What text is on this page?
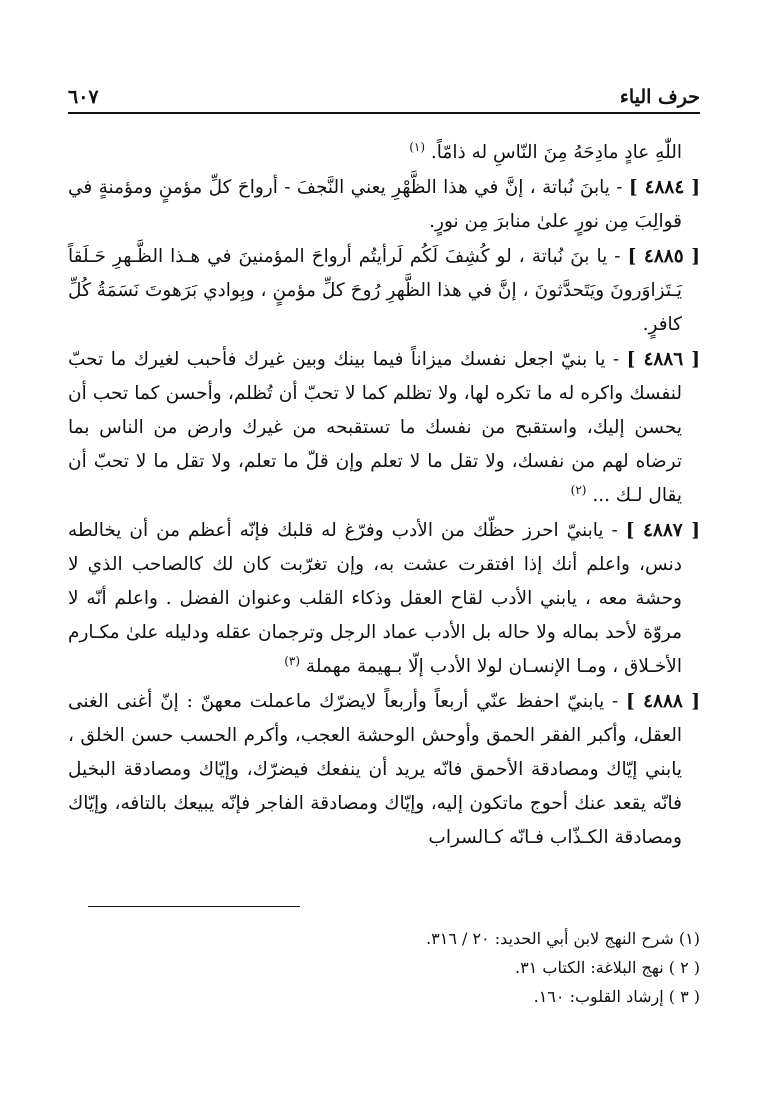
حرف الياء
٦٠٧

اللّٰهِ عادٍ مادِحَهُ مِنَ النّاسِ له ذامّاً. $^{(١)}$

[ ٤٨٨٤ ] - يابنَ نُباتة ، إنَّ في هذا الظَّهْرِ يعني النَّجفَ - أرواحَ كلِّ مؤمنٍ ومؤمنةٍ في قوالِبَ مِن نورٍ علىٰ منابرَ مِن نورٍ.

[ ٤٨٨٥ ] - يا بنَ نُباتة ، لو كُشِفَ لَكُم لَرأيتُم أرواحَ المؤمنينَ في هـذا الظَّـهرِ حَـلَقاً يَـتَزاوَرونَ ويَتَحدَّثونَ ، إنَّ في هذا الظَّهرِ رُوحَ كلِّ مؤمنٍ ، وبِوادي بَرَهوتَ نَسَمَةُ كُلِّ كافرٍ.

[ ٤٨٨٦ ] - يا بنيّ اجعل نفسك ميزاناً فيما بينك وبين غيرك فأحبب لغيرك ما تحبّ لنفسك واكره له ما تكره لها، ولا تظلم كما لا تحبّ أن تُظلم، وأحسن كما تحب أن يحسن إليك، واستقبح من نفسك ما تستقبحه من غيرك وارض من الناس بما ترضاه لهم من نفسك، ولا تقل ما لا تعلم وإن قلّ ما تعلم، ولا تقل ما لا تحبّ أن يقال لـك ... $^{(٢)}$

[ ٤٨٨٧ ] - يابنيّ احرز حظّك من الأدب وفرّغ له قلبك فإنّه أعظم من أن يخالطه دنس، واعلم أنك إذا افتقرت عشت به، وإن تغرّبت كان لك كالصاحب الذي لا وحشة معه ، يابني الأدب لقاح العقل وذكاء القلب وعنوان الفضل . واعلم أنّه لا مروّة لأحد بماله ولا حاله بل الأدب عماد الرجل وترجمان عقله ودليله علىٰ مكـارم الأخـلاق ، ومـا الإنسـان لولا الأدب إلّا بـهيمة مهملة $^{(٣)}$

[ ٤٨٨٨ ] - يابنيّ احفظ عنّي أربعاً وأربعاً لايضرّك ماعملت معهنّ : إنّ أغنى الغنى العقل، وأكبر الفقر الحمق وأوحش الوحشة العجب، وأكرم الحسب حسن الخلق ، يابني إيّاك ومصادقة الأحمق فانّه يريد أن ينفعك فيضرّك، وإيّاك ومصادقة البخيل فانّه يقعد عنك أحوج ماتكون إليه، وإيّاك ومصادقة الفاجر فإنّه يبيعك بالتافه، وإيّاك ومصادقة الكـذّاب فـانّه كـالسراب

(١) شرح النهج لابن أبي الحديد: ٢٠ / ٣١٦.

( ٢ ) نهج البلاغة: الكتاب ٣١.

( ٣ ) إرشاد القلوب: ١٦٠.
